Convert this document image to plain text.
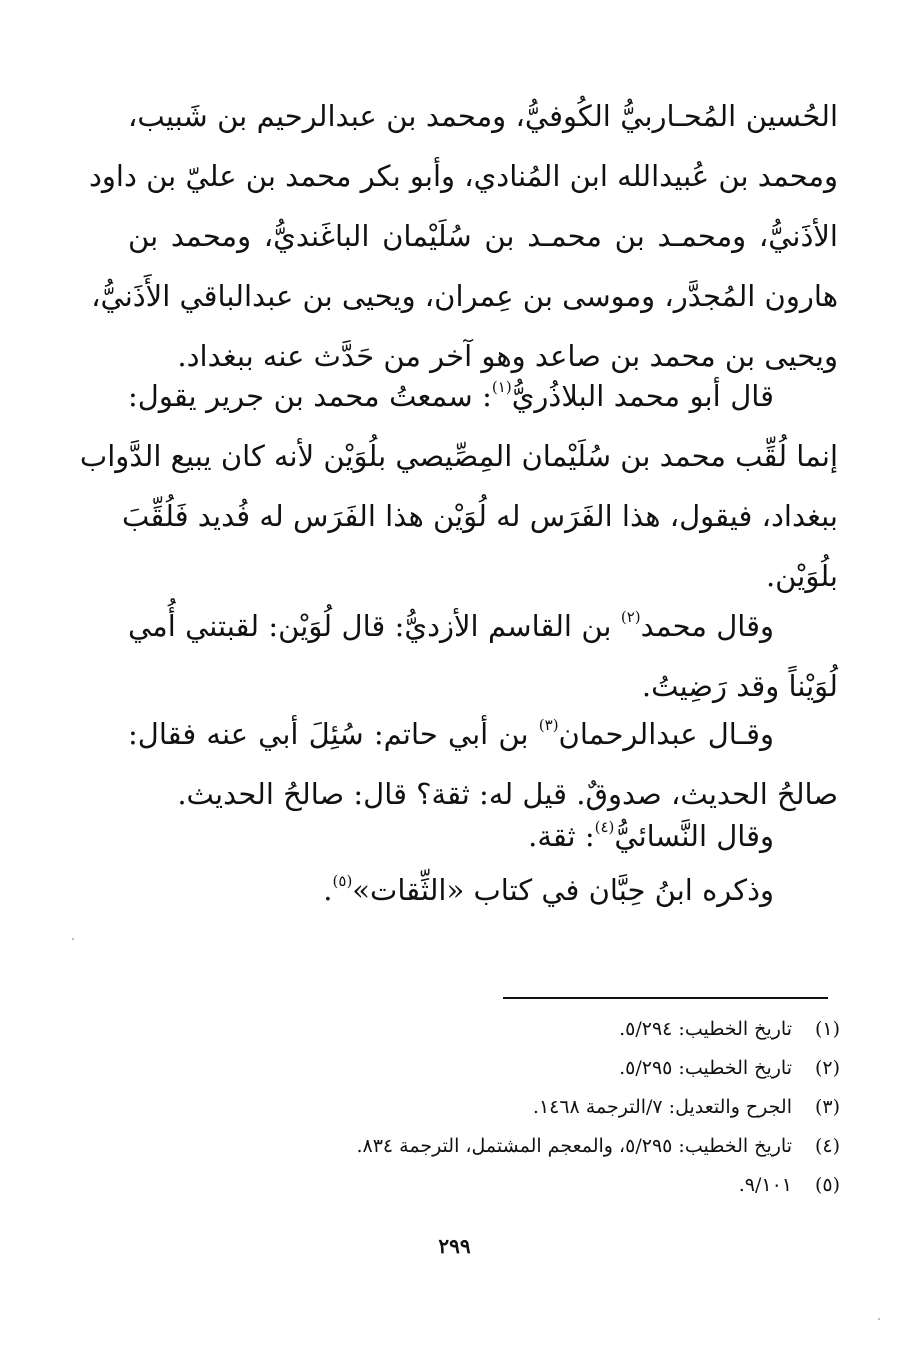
الحُسين المُحـاربيُّ الكُوفيُّ، ومحمد بن عبدالرحيم بن شَبيب،
ومحمد بن عُبيدالله ابن المُنادي، وأبو بكر محمد بن عليّ بن داود
الأذَنيُّ، ومحمـد بن محمـد بن سُلَيْمان الباغَنديُّ، ومحمد بن
هارون المُجدَّر، وموسى بن عِمران، ويحيى بن عبدالباقي الأَذَنيُّ،
ويحيى بن محمد بن صاعد وهو آخر من حَدَّث عنه ببغداد.
قال أبو محمد البلاذُريُّ$^{(١)}$: سمعتُ محمد بن جرير يقول:
إنما لُقِّب محمد بن سُلَيْمان المِصِّيصي بلُوَيْن لأنه كان يبيع الدَّواب
ببغداد، فيقول، هذا الفَرَس له لُوَيْن هذا الفَرَس له فُديد فَلُقِّبَ
بلُوَيْن.
وقال محمد$^{(٢)}$ بن القاسم الأزديُّ: قال لُوَيْن: لقبتني أُمي
لُوَيْناً وقد رَضِيتُ.
وقـال عبدالرحمان$^{(٣)}$ بن أبي حاتم: سُئِلَ أبي عنه فقال:
صالحُ الحديث، صدوقٌ. قيل له: ثقة؟ قال: صالحُ الحديث.
وقال النَّسائيُّ$^{(٤)}$: ثقة.
وذكره ابنُ حِبَّان في كتاب «الثِّقات»$^{(٥)}$.
(١)تاريخ الخطيب: ٥/٢٩٤.
(٢)تاريخ الخطيب: ٥/٢٩٥.
(٣)الجرح والتعديل: ٧/الترجمة ١٤٦٨.
(٤)تاريخ الخطيب: ٥/٢٩٥، والمعجم المشتمل، الترجمة ٨٣٤.
(٥)٩/١٠١.
٢٩٩
